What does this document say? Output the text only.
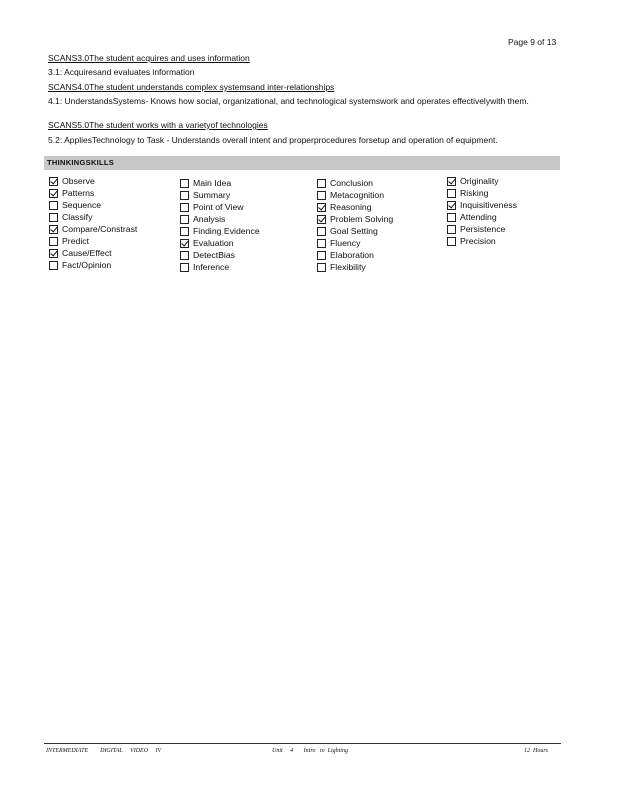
Page 9 of 13
SCANS3.0The student acquires and uses information
3.1: Acquiresand evaluates information
SCANS4.0The student understands complex systemsand inter-relationships
4.1: UnderstandsSystems- Knows how social, organizational, and technological systemswork and operates effectivelywith them.
SCANS5.0The student works with a varietyof technologies
5.2: AppliesTechnology to Task - Understands overall intent and properprocedures forsetup and operation of equipment.
THINKINGSKILLS
Observe
Patterns
Sequence
Classify
Compare/Constrast
Predict
Cause/Effect
Fact/Opinion
Main Idea
Summary
Point of View
Analysis
Finding Evidence
Evaluation
DetectBias
Inference
Conclusion
Metacognition
Reasoning
Problem Solving
Goal Setting
Fluency
Elaboration
Flexibility
Originality
Risking
Inquisitiveness
Attending
Persistence
Precision
INTERMEDIATE        DIGITAL     VIDEO     IV	Unit     4       Intro   to  Lighting	12  Hours
